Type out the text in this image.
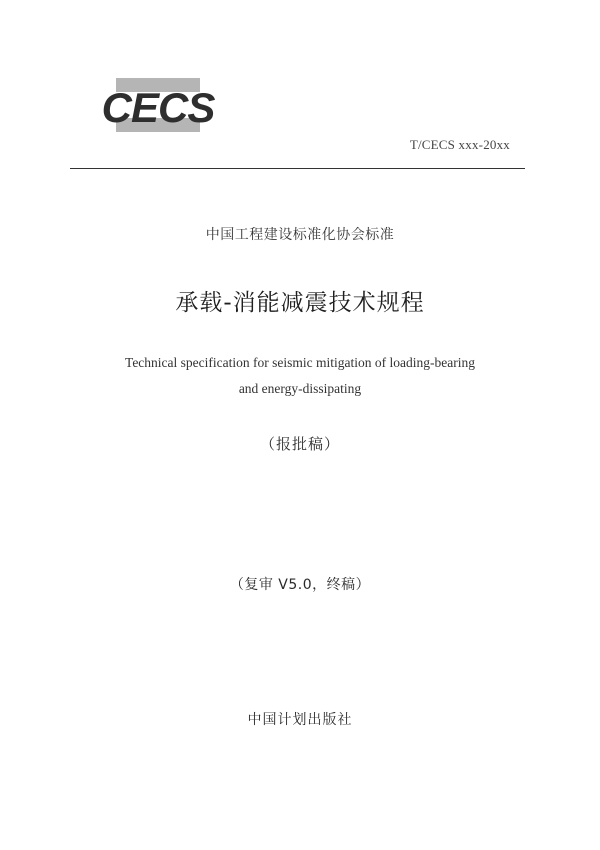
CECS
T/CECS xxx-20xx
中国工程建设标准化协会标准
承载-消能减震技术规程
Technical specification for seismic mitigation of loading-bearing
and energy-dissipating
（报批稿）
（复审 V5.0，终稿）
中国计划出版社
